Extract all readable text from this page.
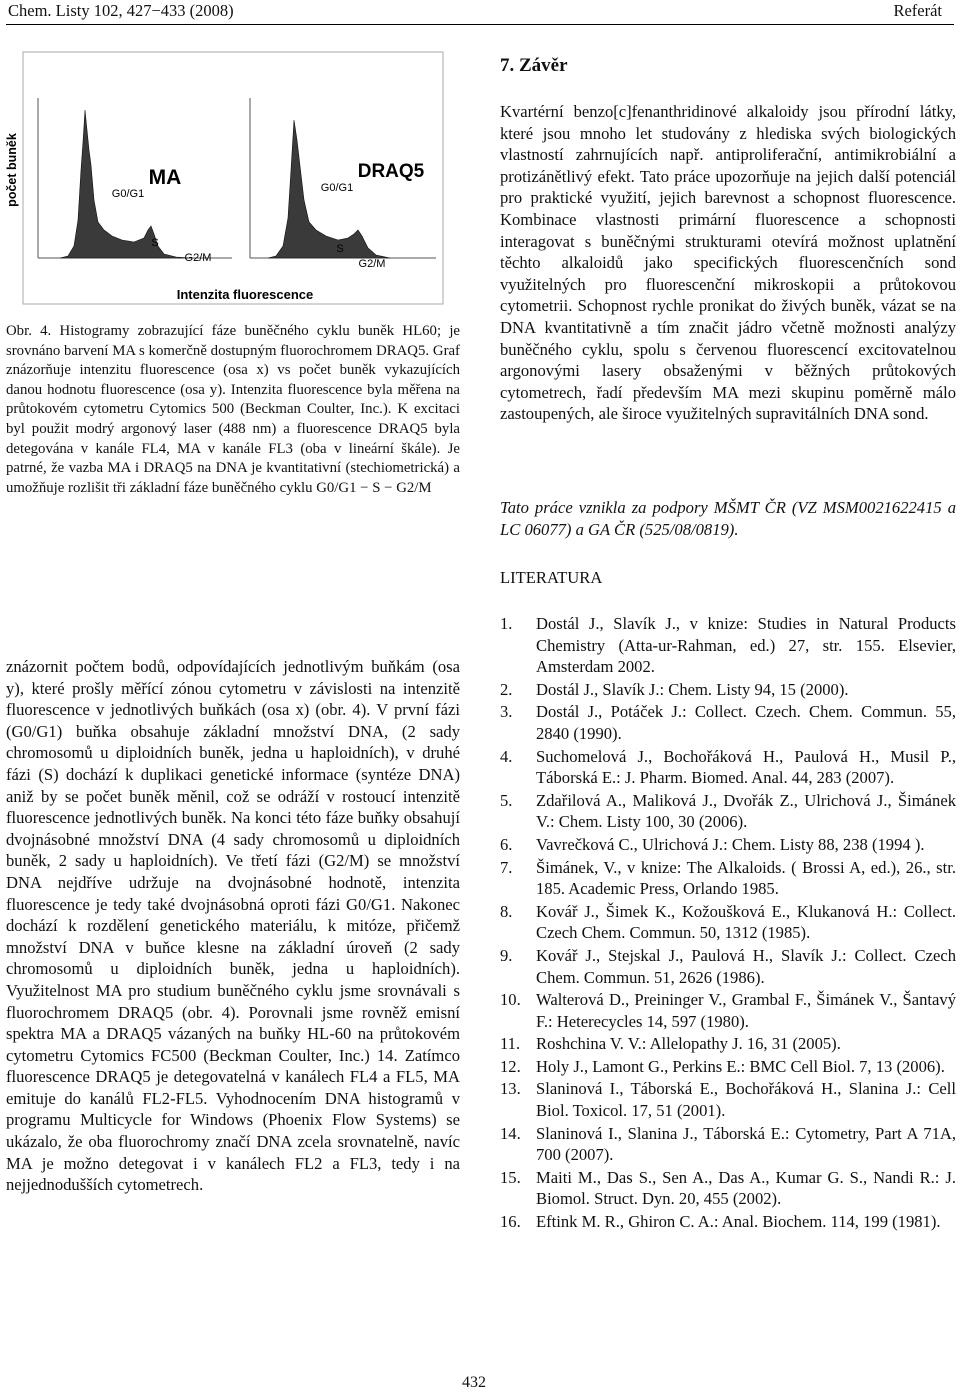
Chem. Listy 102, 427−433 (2008)	Referát
počet buněk
Intenzita fluorescence
MA
G0/G1
S
G2/M
DRAQ5
G0/G1
S
G2/M

Obr. 4. Histogramy zobrazující fáze buněčného cyklu buněk HL60; je srovnáno barvení MA s komerčně dostupným fluorochromem DRAQ5. Graf znázorňuje intenzitu fluorescence (osa x) vs počet buněk vykazujících danou hodnotu fluorescence (osa y). Intenzita fluorescence byla měřena na průtokovém cytometru Cytomics 500 (Beckman Coulter, Inc.). K excitaci byl použit modrý argonový laser (488 nm) a fluorescence DRAQ5 byla detegována v kanále FL4, MA v kanále FL3 (oba v lineární škále). Je patrné, že vazba MA i DRAQ5 na DNA je kvantitativní (stechiometrická) a umožňuje rozlišit tři základní fáze buněčného cyklu G0/G1 − S − G2/M

znázornit počtem bodů, odpovídajících jednotlivým buňkám (osa y), které prošly měřící zónou cytometru v závislosti na intenzitě fluorescence v jednotlivých buňkách (osa x) (obr. 4). V první fázi (G0/G1) buňka obsahuje základní množství DNA, (2 sady chromosomů u diploidních buněk, jedna u haploidních), v druhé fázi (S) dochází k duplikaci genetické informace (syntéze DNA) aniž by se počet buněk měnil, což se odráží v rostoucí intenzitě fluorescence jednotlivých buněk. Na konci této fáze buňky obsahují dvojnásobné množství DNA (4 sady chromosomů u diploidních buněk, 2 sady u haploidních). Ve třetí fázi (G2/M) se množství DNA nejdříve udržuje na dvojnásobné hodnotě, intenzita fluorescence je tedy také dvojnásobná oproti fázi G0/G1. Nakonec dochází k rozdělení genetického materiálu, k mitóze, přičemž množství DNA v buňce klesne na základní úroveň (2 sady chromosomů u diploidních buněk, jedna u haploidních). Využitelnost MA pro studium buněčného cyklu jsme srovnávali s fluorochromem DRAQ5 (obr. 4). Porovnali jsme rovněž emisní spektra MA a DRAQ5 vázaných na buňky HL-60 na průtokovém cytometru Cytomics FC500 (Beckman Coulter, Inc.) 14. Zatímco fluorescence DRAQ5 je detegovatelná v kanálech FL4 a FL5, MA emituje do kanálů FL2-FL5. Vyhodnocením DNA histogramů v programu Multicycle for Windows (Phoenix Flow Systems) se ukázalo, že oba fluorochromy značí DNA zcela srovnatelně, navíc MA je možno detegovat i v kanálech FL2 a FL3, tedy i na nejjednodušších cytometrech.

7. Závěr

Kvartérní benzo[c]fenanthridinové alkaloidy jsou přírodní látky, které jsou mnoho let studovány z hlediska svých biologických vlastností zahrnujících např. antiproliferační, antimikrobiální a protizánětlivý efekt. Tato práce upozorňuje na jejich další potenciál pro praktické využití, jejich barevnost a schopnost fluorescence. Kombinace vlastnosti primární fluorescence a schopnosti interagovat s buněčnými strukturami otevírá možnost uplatnění těchto alkaloidů jako specifických fluorescenčních sond využitelných pro fluorescenční mikroskopii a průtokovou cytometrii. Schopnost rychle pronikat do živých buněk, vázat se na DNA kvantitativně a tím značit jádro včetně možnosti analýzy buněčného cyklu, spolu s červenou fluorescencí excitovatelnou argonovými lasery obsaženými v běžných průtokových cytometrech, řadí především MA mezi skupinu poměrně málo zastoupených, ale široce využitelných supravitálních DNA sond.

Tato práce vznikla za podpory MŠMT ČR (VZ MSM0021622415 a LC 06077) a GA ČR (525/08/0819).

LITERATURA
1.	Dostál J., Slavík J., v knize: Studies in Natural Products Chemistry (Atta-ur-Rahman, ed.) 27, str. 155. Elsevier, Amsterdam 2002.
2.	Dostál J., Slavík J.: Chem. Listy 94, 15 (2000).
3.	Dostál J., Potáček J.: Collect. Czech. Chem. Commun. 55, 2840 (1990).
4.	Suchomelová J., Bochořáková H., Paulová H., Musil P., Táborská E.: J. Pharm. Biomed. Anal. 44, 283 (2007).
5.	Zdařilová A., Maliková J., Dvořák Z., Ulrichová J., Šimánek V.: Chem. Listy 100, 30 (2006).
6.	Vavrečková C., Ulrichová J.: Chem. Listy 88, 238 (1994 ).
7.	Šimánek, V., v knize: The Alkaloids. ( Brossi A, ed.), 26., str. 185. Academic Press, Orlando 1985.
8.	Kovář J., Šimek K., Kožoušková E., Klukanová H.: Collect. Czech Chem. Commun. 50, 1312 (1985).
9.	Kovář J., Stejskal J., Paulová H., Slavík J.: Collect. Czech Chem. Commun. 51, 2626 (1986).
10. Walterová D., Preininger V., Grambal F., Šimánek V., Šantavý F.: Heterecycles 14, 597 (1980).
11. Roshchina V. V.: Allelopathy J. 16, 31 (2005).
12. Holy J., Lamont G., Perkins E.: BMC Cell Biol. 7, 13 (2006).
13. Slaninová I., Táborská E., Bochořáková H., Slanina J.: Cell Biol. Toxicol. 17, 51 (2001).
14. Slaninová I., Slanina J., Táborská E.: Cytometry, Part A 71A, 700 (2007).
15. Maiti M., Das S., Sen A., Das A., Kumar G. S., Nandi R.: J. Biomol. Struct. Dyn. 20, 455 (2002).
16. Eftink M. R., Ghiron C. A.: Anal. Biochem. 114, 199 (1981).
432
